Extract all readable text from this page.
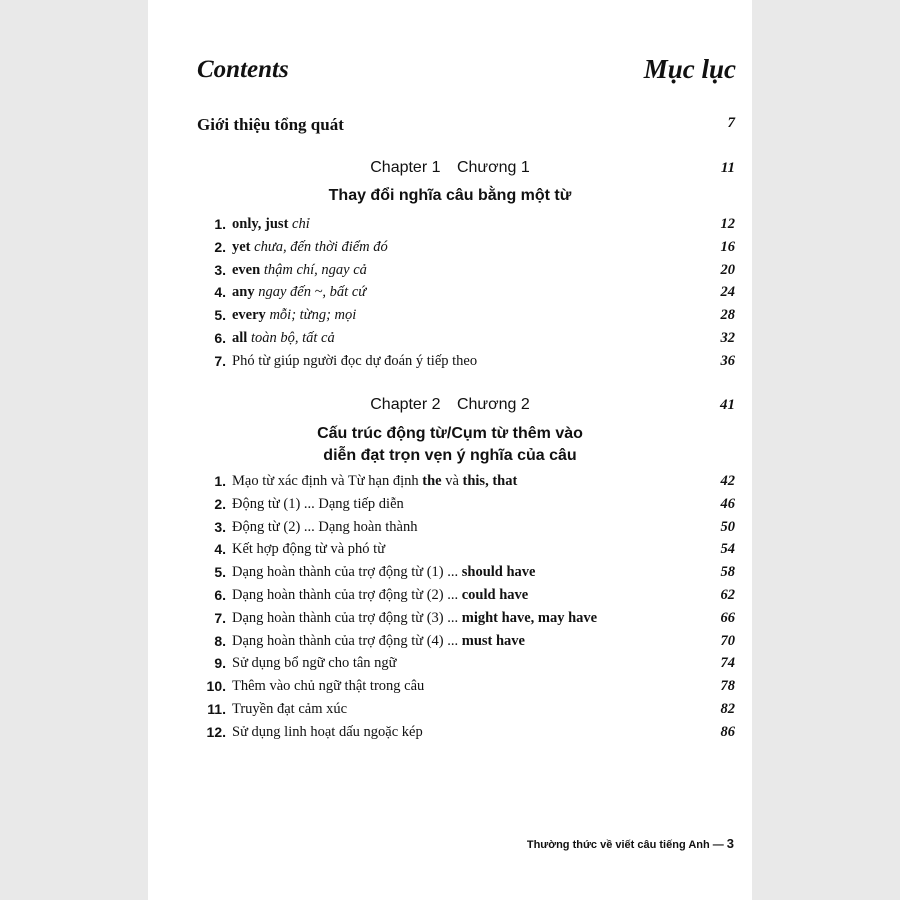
Contents	Mục lục
Giới thiệu tổng quát	7
Chapter 1 Chương 1	11
Thay đổi nghĩa câu bằng một từ
1. only, just chỉ	12
2. yet chưa, đến thời điểm đó	16
3. even thậm chí, ngay cả	20
4. any ngay đến ~, bất cứ	24
5. every mỗi; từng; mọi	28
6. all toàn bộ, tất cả	32
7. Phó từ giúp người đọc dự đoán ý tiếp theo	36
Chapter 2 Chương 2	41
Cấu trúc động từ/Cụm từ thêm vào
diễn đạt trọn vẹn ý nghĩa của câu
1. Mạo từ xác định và Từ hạn định the và this, that	42
2. Động từ (1) ... Dạng tiếp diễn	46
3. Động từ (2) ... Dạng hoàn thành	50
4. Kết hợp động từ và phó từ	54
5. Dạng hoàn thành của trợ động từ (1) ... should have	58
6. Dạng hoàn thành của trợ động từ (2) ... could have	62
7. Dạng hoàn thành của trợ động từ (3) ... might have, may have	66
8. Dạng hoàn thành của trợ động từ (4) ... must have	70
9. Sử dụng bổ ngữ cho tân ngữ	74
10. Thêm vào chủ ngữ thật trong câu	78
11. Truyền đạt cảm xúc	82
12. Sử dụng linh hoạt dấu ngoặc kép	86
Thường thức về viết câu tiếng Anh — 3
